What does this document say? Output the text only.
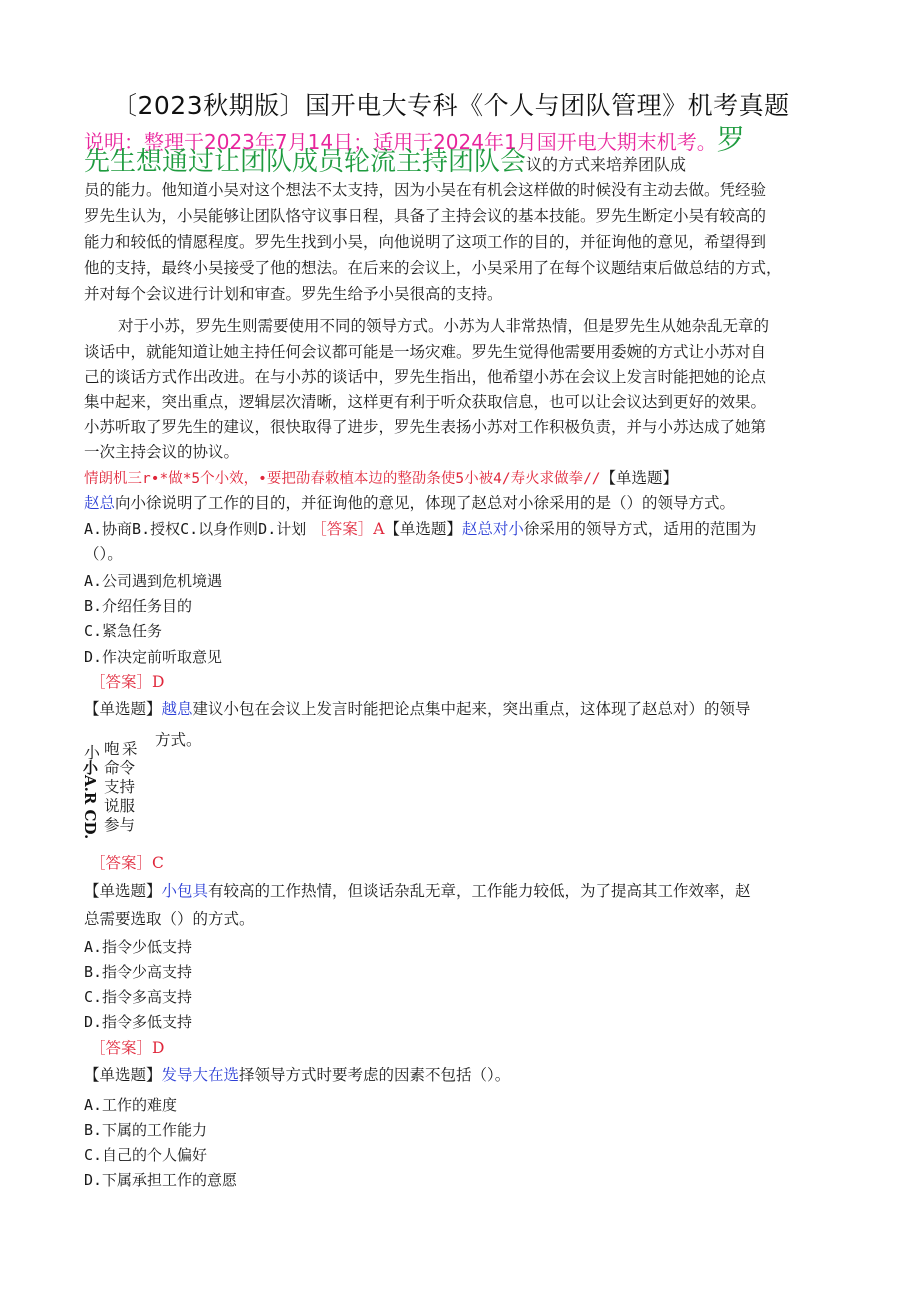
〔2023秋期版〕国开电大专科《个人与团队管理》机考真题
说明：整理于2023年7月14日；适用于2024年1月国开电大期末机考。罗
先生想通过让团队成员轮流主持团队会议的方式来培养团队成
员的能力。他知道小吴对这个想法不太支持，因为小吴在有机会这样做的时候没有主动去做。凭经验
罗先生认为，小吴能够让团队恪守议事日程，具备了主持会议的基本技能。罗先生断定小吴有较高的
能力和较低的情愿程度。罗先生找到小吴，向他说明了这项工作的目的，并征询他的意见，希望得到
他的支持，最终小吴接受了他的想法。在后来的会议上，小吴采用了在每个议题结束后做总结的方式，
并对每个会议进行计划和审查。罗先生给予小吴很高的支持。
对于小苏，罗先生则需要使用不同的领导方式。小苏为人非常热情，但是罗先生从她杂乱无章的
谈话中，就能知道让她主持任何会议都可能是一场灾难。罗先生觉得他需要用委婉的方式让小苏对自
己的谈话方式作出改进。在与小苏的谈话中，罗先生指出，他希望小苏在会议上发言时能把她的论点
集中起来，突出重点，逻辑层次清晰，这样更有利于听众获取信息，也可以让会议达到更好的效果。
小苏听取了罗先生的建议，很快取得了进步，罗先生表扬小苏对工作积极负责，并与小苏达成了她第
一次主持会议的协议。
情朗机三r•*做*5个小效，•要把劭春敕植本边的整劭条使5小被4/寿火求做拳//【单选题】
赵总向小徐说明了工作的目的，并征询他的意见，体现了赵总对小徐采用的是（）的领导方式。
A.协商B.授权C.以身作则D.计划 ［答案］A【单选题】赵总对小徐采用的领导方式，适用的范围为
（）。
A.公司遇到危机境遇
B.介绍任务目的
C.紧急任务
D.作决定前听取意见
［答案］D
【单选题】越息建议小包在会议上发言时能把论点集中起来，突出重点，这体现了赵总对）的领导
方式。
小
小A.R CD.
咆
命令
支持
说服
参与
采
［答案］C
【单选题】小包具有较高的工作热情，但谈话杂乱无章，工作能力较低，为了提高其工作效率，赵
总需要选取（）的方式。
A.指令少低支持
B.指令少高支持
C.指令多高支持
D.指令多低支持
［答案］D
【单选题】发导大在选择领导方式时要考虑的因素不包括（）。
A.工作的难度
B.下属的工作能力
C.自己的个人偏好
D.下属承担工作的意愿
